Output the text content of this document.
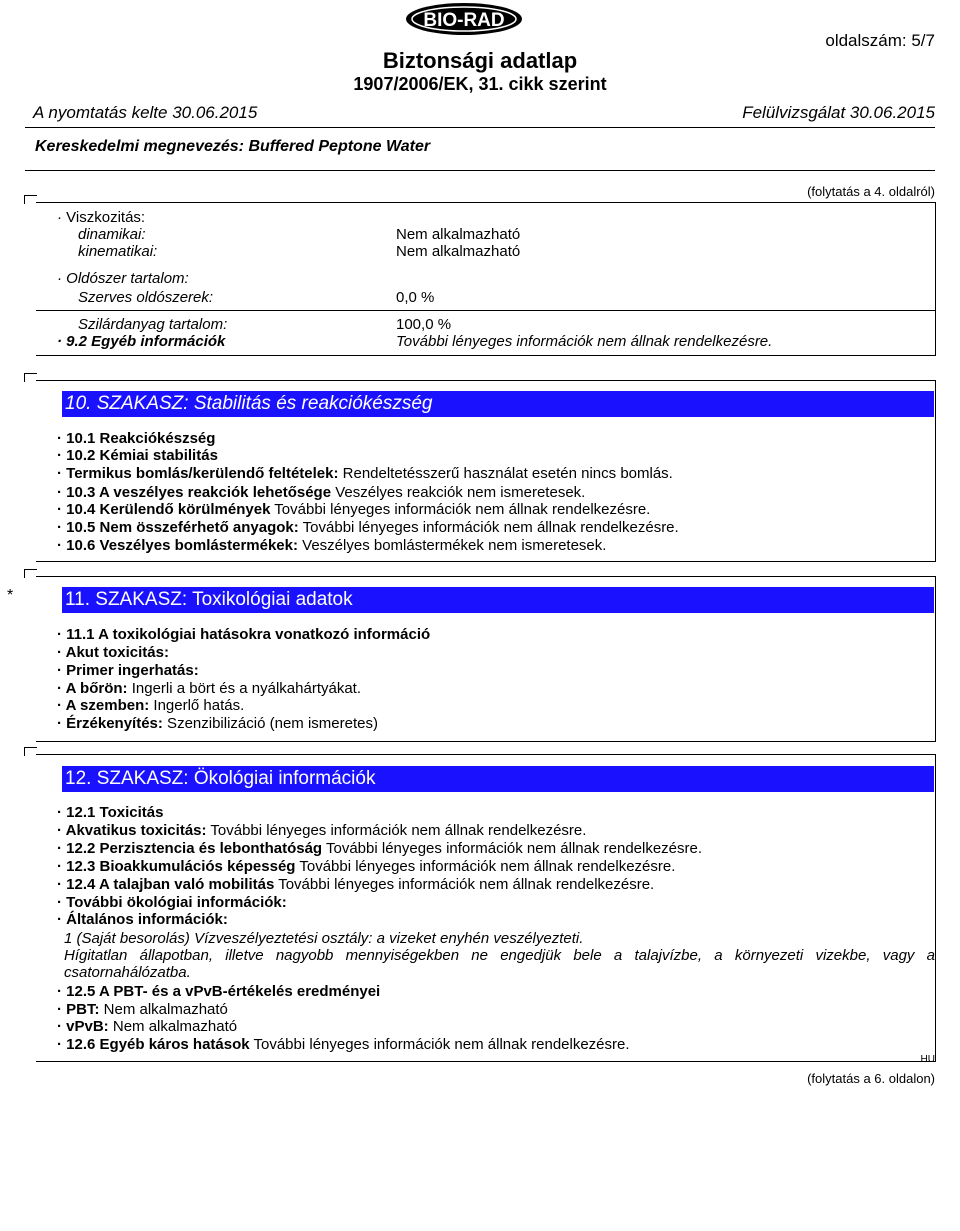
BIO-RAD
oldalszám: 5/7
Biztonsági adatlap
1907/2006/EK, 31. cikk szerint
A nyomtatás kelte 30.06.2015	Felülvizsgálat 30.06.2015
Kereskedelmi megnevezés: Buffered Peptone Water
(folytatás a 4. oldalról)
· Viszkozitás:
dinamikai:	Nem alkalmazható
kinematikai:	Nem alkalmazható
· Oldószer tartalom:
Szerves oldószerek:	0,0 %
Szilárdanyag tartalom:	100,0 %
· 9.2 Egyéb információk	További lényeges információk nem állnak rendelkezésre.
10. SZAKASZ: Stabilitás és reakciókészség
· 10.1 Reakciókészség
· 10.2 Kémiai stabilitás
· Termikus bomlás/kerülendő feltételek: Rendeltetésszerű használat esetén nincs bomlás.
· 10.3 A veszélyes reakciók lehetősége Veszélyes reakciók nem ismeretesek.
· 10.4 Kerülendő körülmények További lényeges információk nem állnak rendelkezésre.
· 10.5 Nem összeférhető anyagok: További lényeges információk nem állnak rendelkezésre.
· 10.6 Veszélyes bomlástermékek: Veszélyes bomlástermékek nem ismeretesek.
*	11. SZAKASZ: Toxikológiai adatok
· 11.1 A toxikológiai hatásokra vonatkozó információ
· Akut toxicitás:
· Primer ingerhatás:
· A bőrön: Ingerli a bört és a nyálkahártyákat.
· A szemben: Ingerlő hatás.
· Érzékenyítés: Szenzibilizáció (nem ismeretes)
12. SZAKASZ: Ökológiai információk
· 12.1 Toxicitás
· Akvatikus toxicitás: További lényeges információk nem állnak rendelkezésre.
· 12.2 Perzisztencia és lebonthatóság További lényeges információk nem állnak rendelkezésre.
· 12.3 Bioakkumulációs képesség További lényeges információk nem állnak rendelkezésre.
· 12.4 A talajban való mobilitás További lényeges információk nem állnak rendelkezésre.
· További ökológiai információk:
· Általános információk:
1 (Saját besorolás) Vízveszélyeztetési osztály: a vizeket enyhén veszélyezteti.
Hígitatlan állapotban, illetve nagyobb mennyiségekben ne engedjük bele a talajvízbe, a környezeti vizekbe, vagy a csatornahálózatba.
· 12.5 A PBT- és a vPvB-értékelés eredményei
· PBT: Nem alkalmazható
· vPvB: Nem alkalmazható
· 12.6 Egyéb káros hatások További lényeges információk nem állnak rendelkezésre.
HU
(folytatás a 6. oldalon)
